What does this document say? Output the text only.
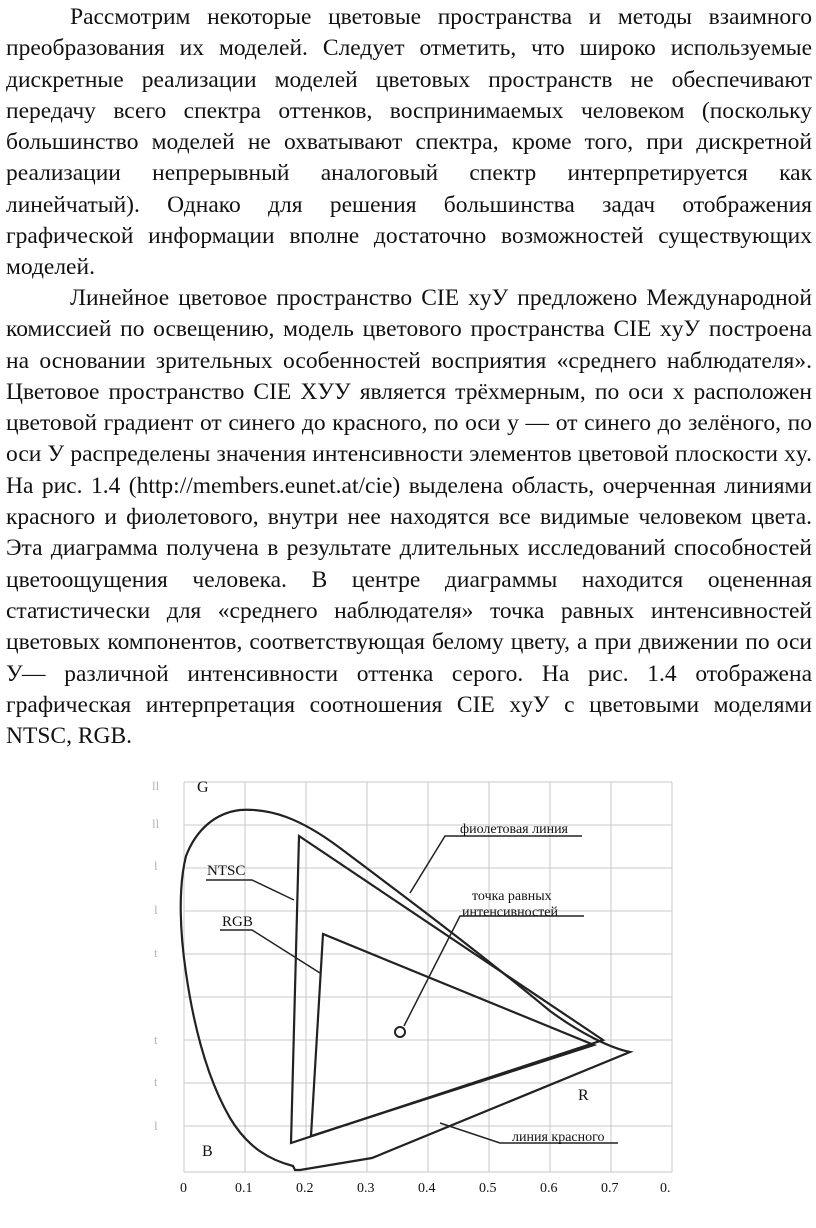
Рассмотрим некоторые цветовые пространства и методы взаимного преобразования их моделей. Следует отметить, что широко используемые дискретные реализации моделей цветовых пространств не обеспечивают передачу всего спектра оттенков, воспринимаемых человеком (поскольку большинство моделей не охватывают спектра, кроме того, при дискретной реализации непрерывный аналоговый спектр интерпретируется как линейчатый). Однако для решения большинства задач отображения графической информации вполне достаточно возможностей существующих моделей.

Линейное цветовое пространство CIE xyУ предложено Международной комиссией по освещению, модель цветового пространства CIE xyУ построена на основании зрительных особенностей восприятия «среднего наблюдателя». Цветовое пространство CIE XУУ является трёхмерным, по оси x расположен цветовой градиент от синего до красного, по оси y — от синего до зелёного, по оси У распределены значения интенсивности элементов цветовой плоскости xy. На рис. 1.4 (http://members.eunet.at/cie) выделена область, очерченная линиями красного и фиолетового, внутри нее находятся все видимые человеком цвета. Эта диаграмма получена в результате длительных исследований способностей цветоощущения человека. В центре диаграммы находится оцененная статистически для «среднего наблюдателя» точка равных интенсивностей цветовых компонентов, соответствующая белому цвету, а при движении по оси У— различной интенсивности оттенка серого. На рис. 1.4 отображена графическая интерпретация соотношения CIE xyУ с цветовыми моделями NTSC, RGB.

ll
ll
l
l
t
t
t
l
G
B
R
NTSC
RGB
фиолетовая линия
точка равных
интенсивностей
линия красного
0	0.1	0.2	0.3	0.4	0.5	0.6	0.7	0.
